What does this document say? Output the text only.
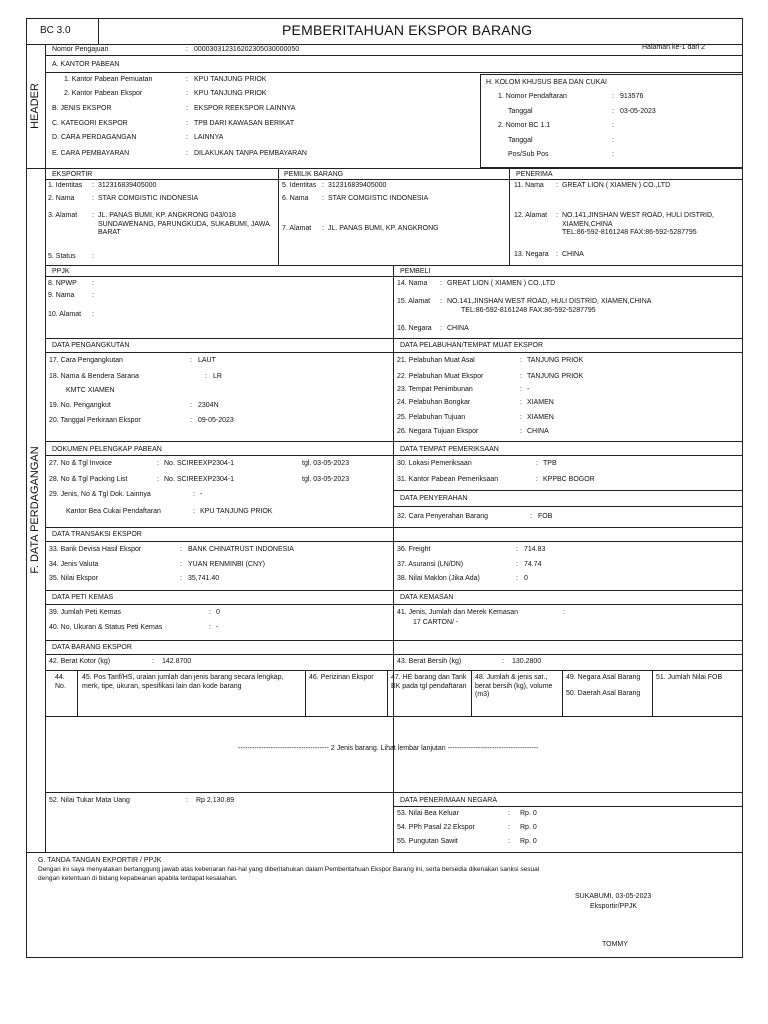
BC 3.0	PEMBERITAHUAN EKSPOR BARANG
HEADER
F. DATA PERDAGANGAN
Nomor Pengajuan	: 000030312316202305030000050	Halaman ke-1 dari 2
A. KANTOR PABEAN
1. Kantor Pabean Pemuatan	: KPU TANJUNG PRIOK
2. Kantor Pabean Ekspor	: KPU TANJUNG PRIOK
B. JENIS EKSPOR	: EKSPOR REEKSPOR LAINNYA
C. KATEGORI EKSPOR	: TPB DARI KAWASAN BERIKAT
D. CARA PERDAGANGAN	: LAINNYA
E. CARA PEMBAYARAN	: DILAKUKAN TANPA PEMBAYARAN
H. KOLOM KHUSUS BEA DAN CUKAI
1. Nomor Pendaftaran	: 913576
Tanggal	: 03-05-2023
2. Nomor BC 1.1	:
Tanggal	:
Pos/Sub Pos	:
EKSPORTIR	PEMILIK BARANG	PENERIMA
1. Identitas : 312316839405000
2. Nama	: STAR COMGISTIC INDONESIA
3. Alamat : JL. PANAS BUMI, KP. ANGKRONG 043/018 SUNDAWENANG, PARUNGKUDA, SUKABUMI, JAWA BARAT
5. Status :
5. Identitas : 312316839405000
6. Nama : STAR COMGISTIC INDONESIA
7. Alamat : JL. PANAS BUMI, KP. ANGKRONG
11. Nama : GREAT LION ( XIAMEN ) CO.,LTD
12. Alamat : NO.141,JINSHAN WEST ROAD, HULI DISTRID, XIAMEN,CHINA
TEL:86-592-8161248 FAX:86-592-5287795
13. Negara : CHINA
PPJK	PEMBELI
8. NPWP :
9. Nama	:
10. Alamat :
14. Nama : GREAT LION ( XIAMEN ) CO.,LTD
15. Alamat : NO.141,JINSHAN WEST ROAD, HULI DISTRID, XIAMEN,CHINA
TEL:86-592-8161248 FAX:86-592-5287795
16. Negara : CHINA
DATA PENGANGKUTAN	DATA PELABUHAN/TEMPAT MUAT EKSPOR
17. Cara Pengangkutan	: LAUT
18. Nama & Bendera Sarana	: LR
KMTC XIAMEN
19. No. Pengangkut	: 2304N
20. Tanggal Perkiraan Ekspor	: 09-05-2023
21. Pelabuhan Muat Asal	: TANJUNG PRIOK
22. Pelabuhan Muat Ekspor	: TANJUNG PRIOK
23. Tempat Penimbunan	: -
24. Pelabuhan Bongkar	: XIAMEN
25. Pelabuhan Tujuan	: XIAMEN
26. Negara Tujuan Ekspor	: CHINA
DOKUMEN PELENGKAP PABEAN	DATA TEMPAT PEMERIKSAAN
27. No & Tgl Invoice	: No. SCIREEXP2304-1	tgl. 03-05-2023
28. No & Tgl Packing List	: No. SCIREEXP2304-1	tgl. 03-05-2023
29. Jenis, No & Tgl Dok. Lainnya	: -
Kantor Bea Cukai Pendaftaran	: KPU TANJUNG PRIOK
30. Lokasi Pemeriksaan	: TPB
31. Kantor Pabean Pemeriksaan	: KPPBC BOGOR
DATA PENYERAHAN
32. Cara Penyerahan Barang	: FOB
DATA TRANSAKSI EKSPOR
33. Bank Devisa Hasil Ekspor	: BANK CHINATRUST INDONESIA
34. Jenis Valuta	: YUAN RENMINBI (CNY)
35. Nilai Ekspor	: 35,741.40
36. Freight	: 714.83
37. Asuransi (LN/DN)	: 74.74
38. Nilai Maklon (Jika Ada)	: 0
DATA PETI KEMAS	DATA KEMASAN
39. Jumlah Peti Kemas	: 0
40. No, Ukuran & Status Peti Kemas	: -
41. Jenis, Jumlah dan Merek Kemasan	:
17 CARTON/ -
DATA BARANG EKSPOR
42. Berat Kotor (kg)	: 142.8700	43. Berat Bersih (kg)	: 130.2800
44. No.
45. Pos Tarif/HS, uraian jumlah dan jenis barang secara lengkap, merk, tipe, ukuran, spesifikasi lain dan kode barang
46. Perizinan Ekspor	47. HE barang dan Tarik BK pada tgl pendaftaran
48. Jumlah & jenis sat., berat bersih (kg), volume (m3)
49. Negara Asal Barang
50. Daerah Asal Barang
51. Jumlah Nilai FOB
--------------------------------------- 2 Jenis barang. Lihat lembar lanjutan ---------------------------------------
52. Nilai Tukar Mata Uang	: Rp 2,130.89	DATA PENERIMAAN NEGARA
53. Nilai Bea Keluar	: Rp. 0
54. PPh Pasal 22 Ekspor	: Rp. 0
55. Pungutan Sawit	: Rp. 0
G. TANDA TANGAN EKPORTIR / PPJK
Dengan ini saya menyatakan bertanggung jawab atas kebenaran hal-hal yang diberitahukan dalam Pemberitahuan Ekspor Barang ini, serta bersedia dikenakan sanksi sesual
dengan ketentuan di bidang kepabeanan apabila terdapat kesalahan.
SUKABUMI, 03-05-2023
Eksportir/PPJK
TOMMY
